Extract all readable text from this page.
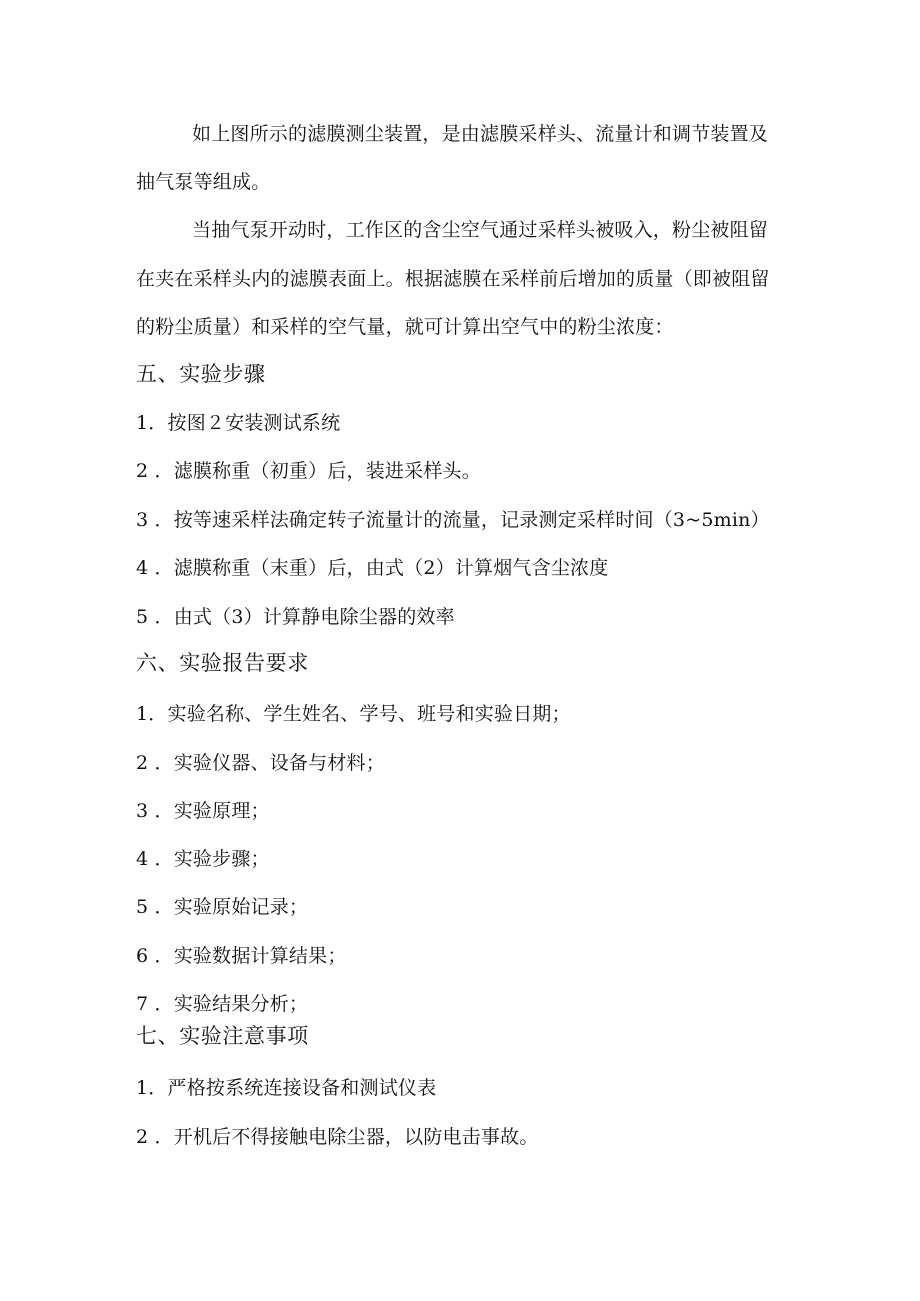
如上图所示的滤膜测尘装置，是由滤膜采样头、流量计和调节装置及
抽气泵等组成。
当抽气泵开动时，工作区的含尘空气通过采样头被吸入，粉尘被阻留
在夹在采样头内的滤膜表面上。根据滤膜在采样前后增加的质量（即被阻留
的粉尘质量）和采样的空气量，就可计算出空气中的粉尘浓度：
五、实验步骤
1．按图２安装测试系统
2 ．滤膜称重（初重）后，装进采样头。
3 ．按等速采样法确定转子流量计的流量，记录测定采样时间（3~5min）
4 ．滤膜称重（末重）后，由式（2）计算烟气含尘浓度
5 ．由式（3）计算静电除尘器的效率
六、实验报告要求
1．实验名称、学生姓名、学号、班号和实验日期；
2 ．实验仪器、设备与材料；
3 ．实验原理；
4 ．实验步骤；
5 ．实验原始记录；
6 ．实验数据计算结果；
7 ．实验结果分析；
七、实验注意事项
1．严格按系统连接设备和测试仪表
2 ．开机后不得接触电除尘器，以防电击事故。
